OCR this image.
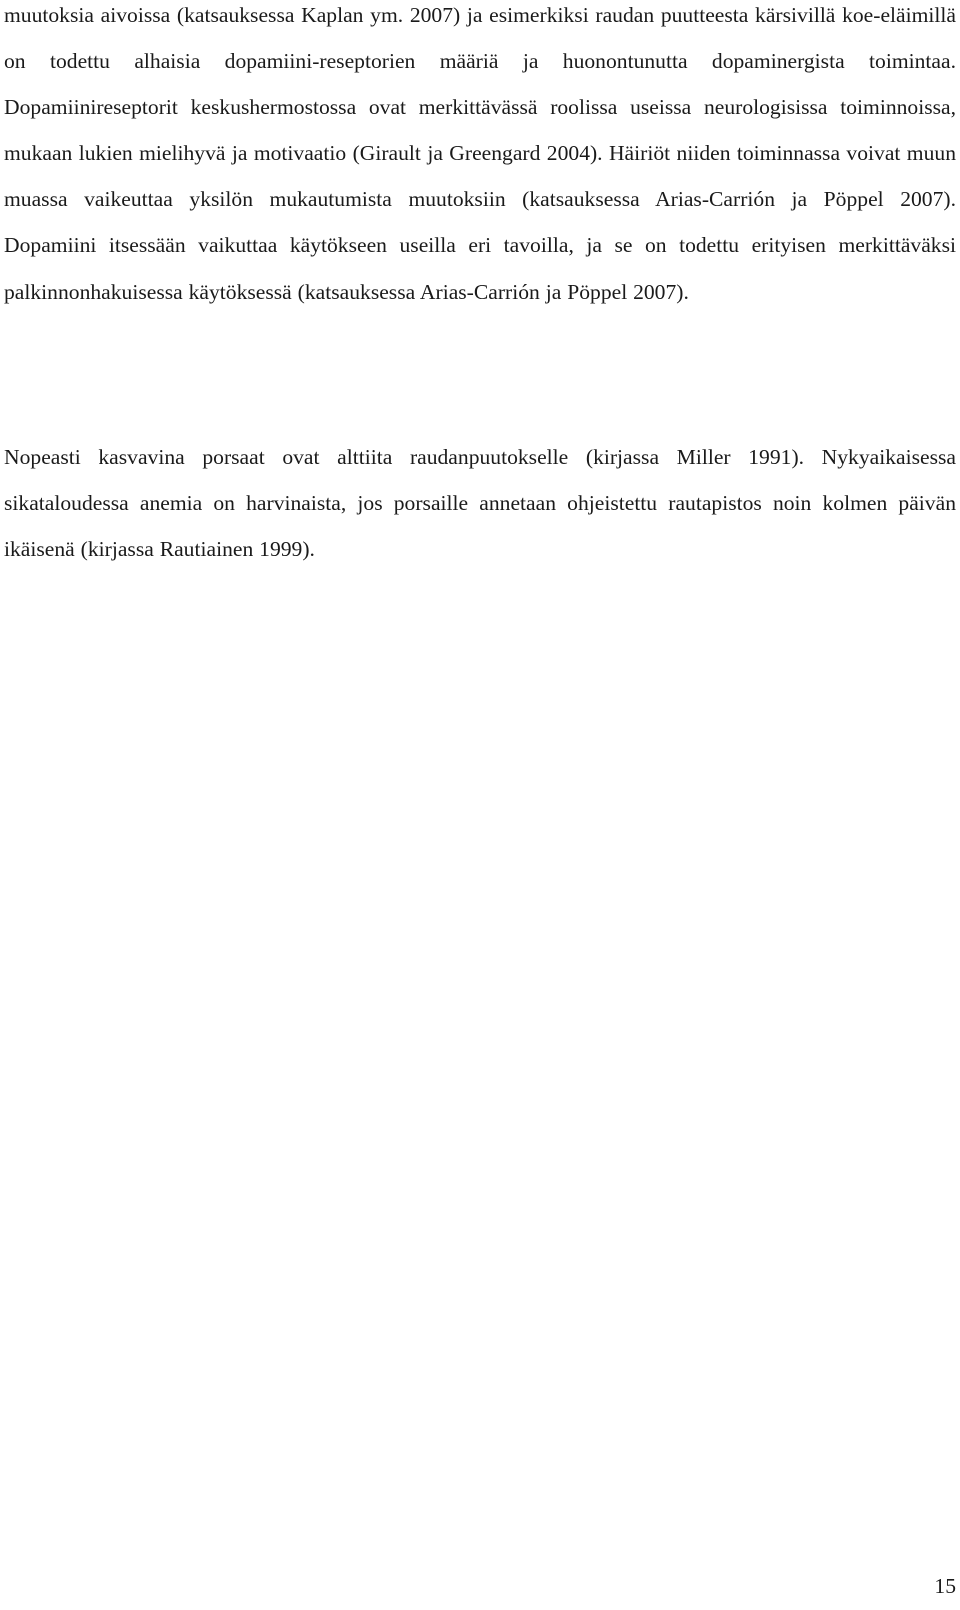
muutoksia aivoissa (katsauksessa Kaplan ym. 2007) ja esimerkiksi raudan puutteesta kärsivillä koe-eläimillä on todettu alhaisia dopamiini-reseptorien määriä ja huonontunutta dopaminergista toimintaa. Dopamiinireseptorit keskushermostossa ovat merkittävässä roolissa useissa neurologisissa toiminnoissa, mukaan lukien mielihyvä ja motivaatio (Girault ja Greengard 2004). Häiriöt niiden toiminnassa voivat muun muassa vaikeuttaa yksilön mukautumista muutoksiin (katsauksessa Arias-Carrión ja Pöppel 2007). Dopamiini itsessään vaikuttaa käytökseen useilla eri tavoilla, ja se on todettu erityisen merkittäväksi palkinnonhakuisessa käytöksessä (katsauksessa Arias-Carrión ja Pöppel 2007).

Nopeasti kasvavina porsaat ovat alttiita raudanpuutokselle (kirjassa Miller 1991). Nykyaikaisessa sikataloudessa anemia on harvinaista, jos porsaille annetaan ohjeistettu rautapistos noin kolmen päivän ikäisenä (kirjassa Rautiainen 1999).

15
